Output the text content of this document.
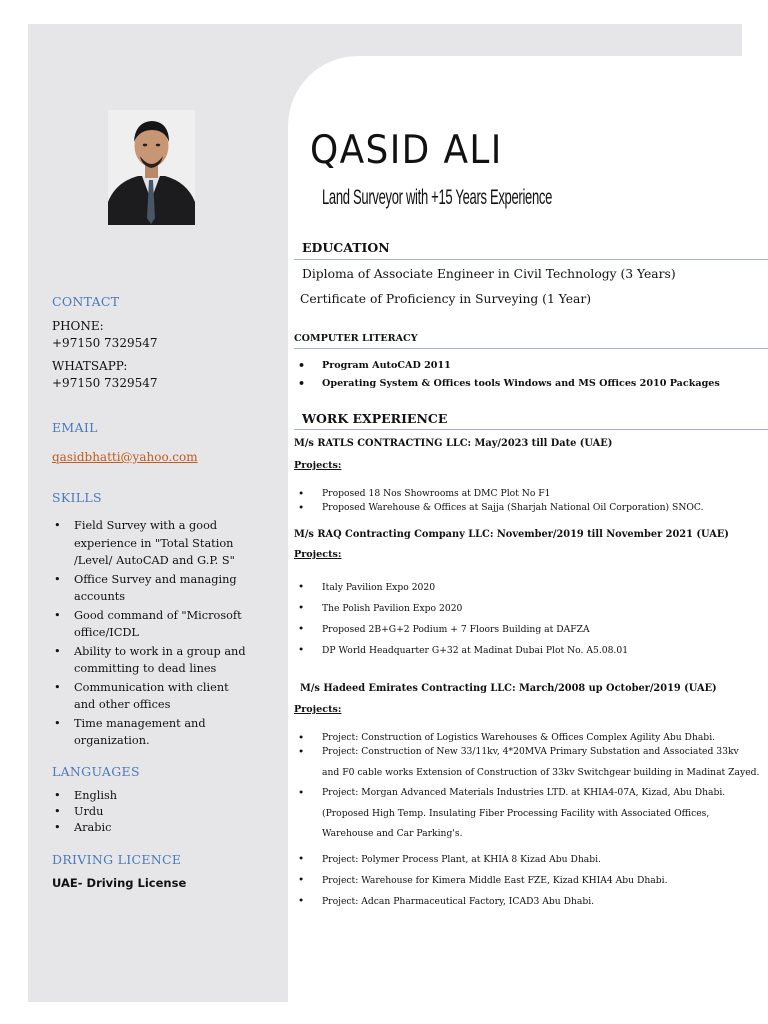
CONTACT
PHONE:
+97150 7329547
WHATSAPP:
+97150 7329547
EMAIL
qasidbhatti@yahoo.com
SKILLS
• Field Survey with a good experience in "Total Station /Level/ AutoCAD and G.P. S"
• Office Survey and managing accounts
• Good command of "Microsoft office/ICDL
• Ability to work in a group and committing to dead lines
• Communication with client and other offices
• Time management and organization.
LANGUAGES
• English
• Urdu
• Arabic
DRIVING LICENCE
UAE- Driving License
QASID ALI
Land Surveyor with +15 Years Experience
EDUCATION
Diploma of Associate Engineer in Civil Technology (3 Years)
Certificate of Proficiency in Surveying (1 Year)
COMPUTER LITERACY
• Program AutoCAD 2011
• Operating System & Offices tools Windows and MS Offices 2010 Packages
WORK EXPERIENCE
M/s RATLS CONTRACTING LLC: May/2023 till Date (UAE)
Projects:
• Proposed 18 Nos Showrooms at DMC Plot No F1
• Proposed Warehouse & Offices at Sajja (Sharjah National Oil Corporation) SNOC.
M/s RAQ Contracting Company LLC: November/2019 till November 2021 (UAE)
Projects:
• Italy Pavilion Expo 2020
• The Polish Pavilion Expo 2020
• Proposed 2B+G+2 Podium + 7 Floors Building at DAFZA
• DP World Headquarter G+32 at Madinat Dubai Plot No. A5.08.01
M/s Hadeed Emirates Contracting LLC: March/2008 up October/2019 (UAE)
Projects:
• Project: Construction of Logistics Warehouses & Offices Complex Agility Abu Dhabi.
• Project: Construction of New 33/11kv, 4*20MVA Primary Substation and Associated 33kv
and F0 cable works Extension of Construction of 33kv Switchgear building in Madinat Zayed.
• Project: Morgan Advanced Materials Industries LTD. at KHIA4-07A, Kizad, Abu Dhabi.
(Proposed High Temp. Insulating Fiber Processing Facility with Associated Offices,
Warehouse and Car Parking's.
• Project: Polymer Process Plant, at KHIA 8 Kizad Abu Dhabi.
• Project: Warehouse for Kimera Middle East FZE, Kizad KHIA4 Abu Dhabi.
• Project: Adcan Pharmaceutical Factory, ICAD3 Abu Dhabi.
